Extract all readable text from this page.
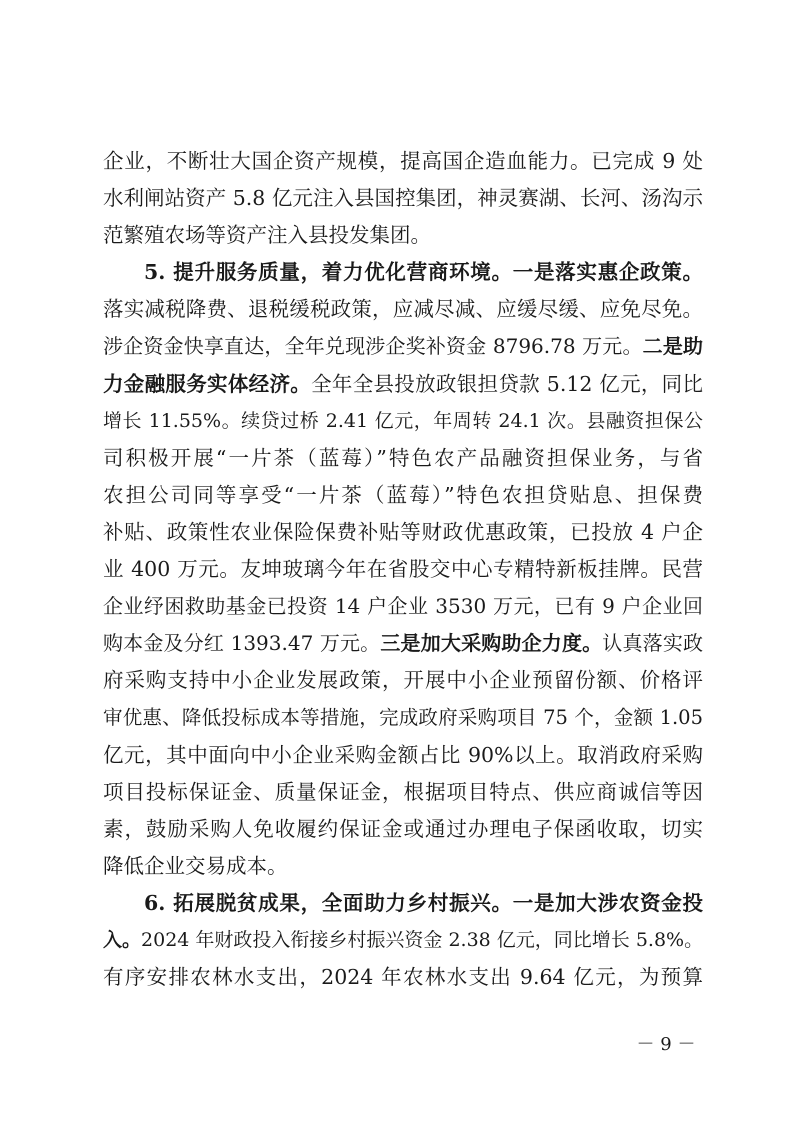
企业，不断壮大国企资产规模，提高国企造血能力。已完成 9 处
水利闸站资产 5.8 亿元注入县国控集团，神灵赛湖、长河、汤沟示
范繁殖农场等资产注入县投发集团。
5. 提升服务质量，着力优化营商环境。一是落实惠企政策。
落实减税降费、退税缓税政策，应减尽减、应缓尽缓、应免尽免。
涉企资金快享直达，全年兑现涉企奖补资金 8796.78 万元。二是助
力金融服务实体经济。全年全县投放政银担贷款 5.12 亿元，同比
增长 11.55%。续贷过桥 2.41 亿元，年周转 24.1 次。县融资担保公
司积极开展“一片茶（蓝莓）”特色农产品融资担保业务，与省
农担公司同等享受“一片茶（蓝莓）”特色农担贷贴息、担保费
补贴、政策性农业保险保费补贴等财政优惠政策，已投放 4 户企
业 400 万元。友坤玻璃今年在省股交中心专精特新板挂牌。民营
企业纾困救助基金已投资 14 户企业 3530 万元，已有 9 户企业回
购本金及分红 1393.47 万元。三是加大采购助企力度。认真落实政
府采购支持中小企业发展政策，开展中小企业预留份额、价格评
审优惠、降低投标成本等措施，完成政府采购项目 75 个，金额 1.05
亿元，其中面向中小企业采购金额占比 90%以上。取消政府采购
项目投标保证金、质量保证金，根据项目特点、供应商诚信等因
素，鼓励采购人免收履约保证金或通过办理电子保函收取，切实
降低企业交易成本。
6. 拓展脱贫成果，全面助力乡村振兴。一是加大涉农资金投
入。2024 年财政投入衔接乡村振兴资金 2.38 亿元，同比增长 5.8%。
有序安排农林水支出，2024 年农林水支出 9.64 亿元，为预算
－ 9 －
